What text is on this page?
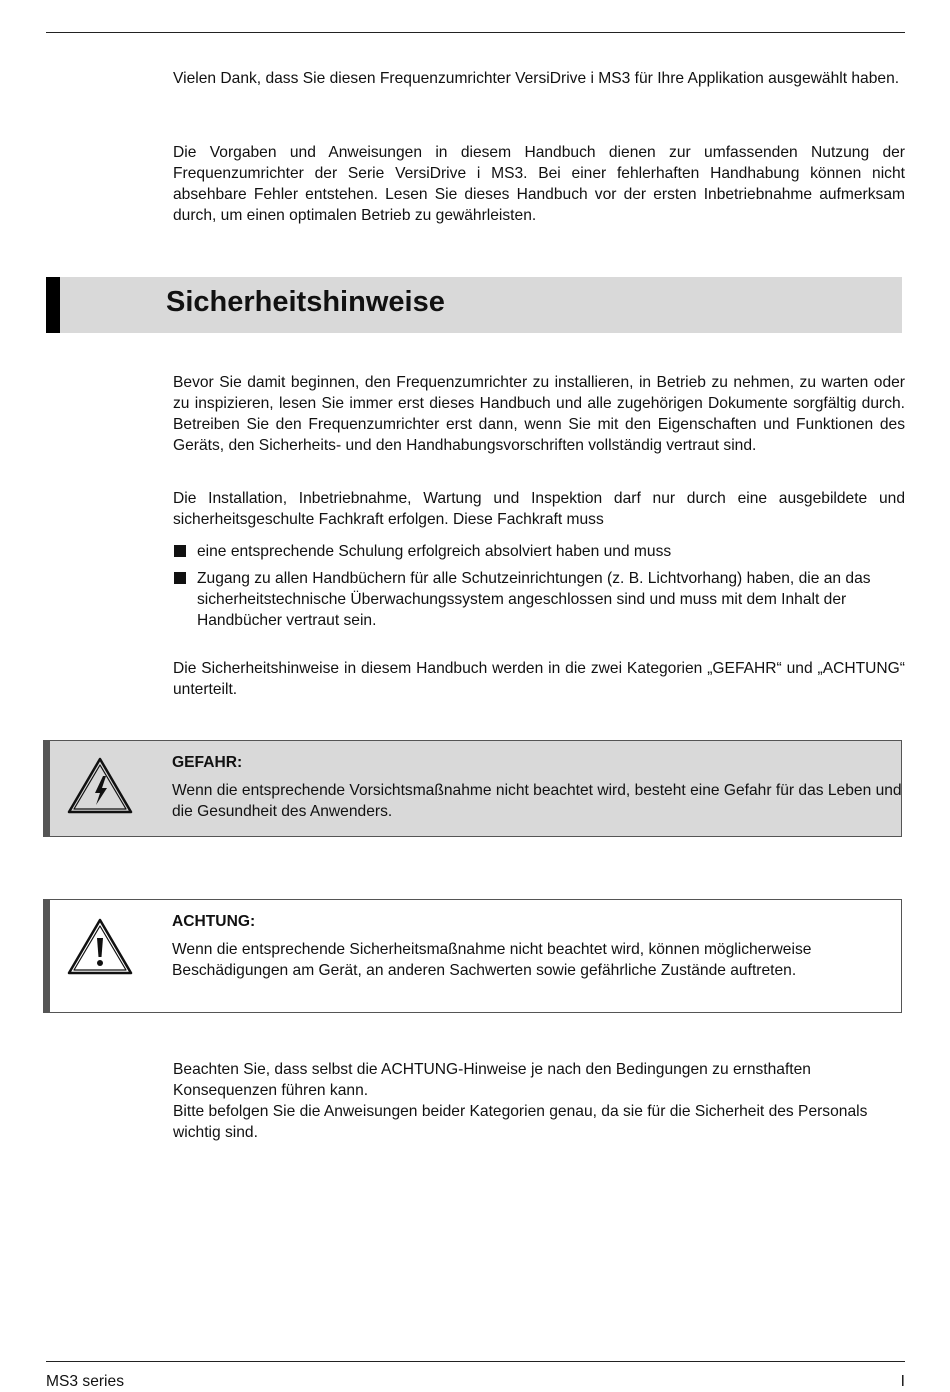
Vielen Dank, dass Sie diesen Frequenzumrichter VersiDrive i MS3 für Ihre Applikation ausgewählt haben.

Die Vorgaben und Anweisungen in diesem Handbuch dienen zur umfassenden Nutzung der Frequenzumrichter der Serie VersiDrive i MS3. Bei einer fehlerhaften Handhabung können nicht absehbare Fehler entstehen. Lesen Sie dieses Handbuch vor der ersten Inbetriebnahme aufmerksam durch, um einen optimalen Betrieb zu gewährleisten.

Sicherheitshinweise

Bevor Sie damit beginnen, den Frequenzumrichter zu installieren, in Betrieb zu nehmen, zu warten oder zu inspizieren, lesen Sie immer erst dieses Handbuch und alle zugehörigen Dokumente sorgfältig durch. Betreiben Sie den Frequenzumrichter erst dann, wenn Sie mit den Eigenschaften und Funktionen des Geräts, den Sicherheits- und den Handhabungsvorschriften vollständig vertraut sind.

Die Installation, Inbetriebnahme, Wartung und Inspektion darf nur durch eine ausgebildete und sicherheitsgeschulte Fachkraft erfolgen. Diese Fachkraft muss

eine entsprechende Schulung erfolgreich absolviert haben und muss
Zugang zu allen Handbüchern für alle Schutzeinrichtungen (z. B. Lichtvorhang) haben, die an das sicherheitstechnische Überwachungssystem angeschlossen sind und muss mit dem Inhalt der Handbücher vertraut sein.

Die Sicherheitshinweise in diesem Handbuch werden in die zwei Kategorien „GEFAHR“ und „ACHTUNG“ unterteilt.

GEFAHR:
Wenn die entsprechende Vorsichtsmaßnahme nicht beachtet wird, besteht eine Gefahr für das Leben und die Gesundheit des Anwenders.
ACHTUNG:
Wenn die entsprechende Sicherheitsmaßnahme nicht beachtet wird, können möglicherweise Beschädigungen am Gerät, an anderen Sachwerten sowie gefährliche Zustände auftreten.

Beachten Sie, dass selbst die ACHTUNG-Hinweise je nach den Bedingungen zu ernsthaften Konsequenzen führen kann.

Bitte befolgen Sie die Anweisungen beider Kategorien genau, da sie für die Sicherheit des Personals wichtig sind.

MS3 series	I
